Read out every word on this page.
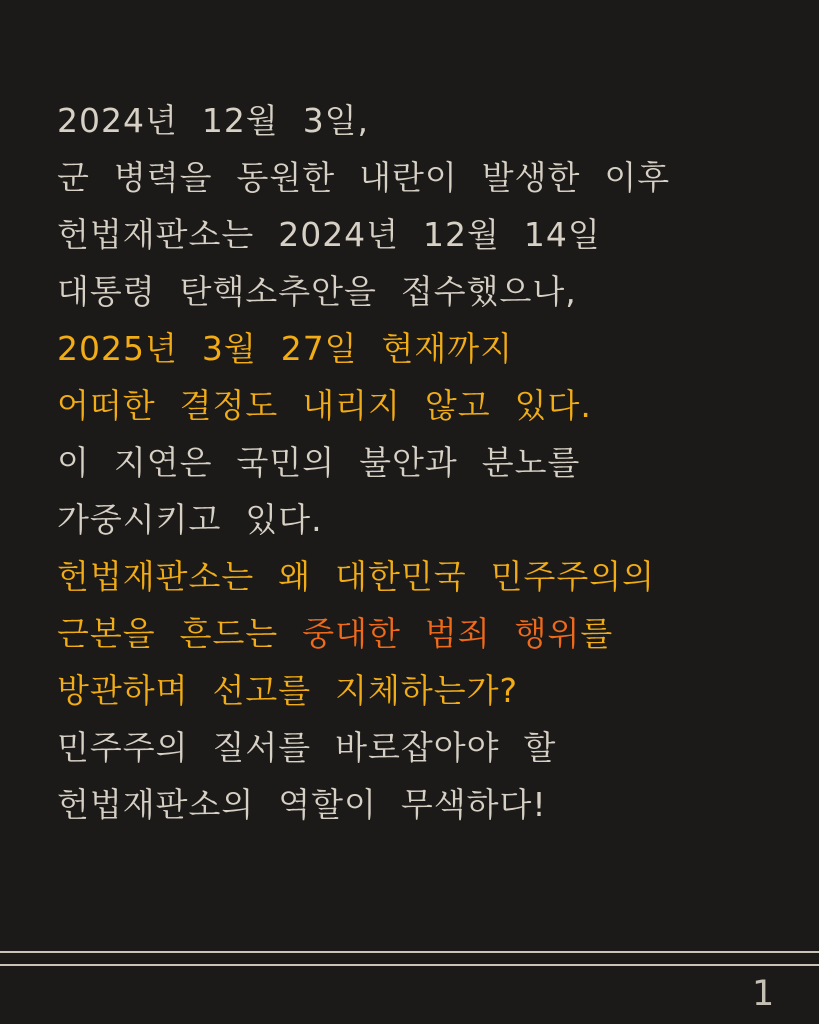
2024년 12월 3일,
군 병력을 동원한 내란이 발생한 이후
헌법재판소는 2024년 12월 14일
대통령 탄핵소추안을 접수했으나,
2025년 3월 27일 현재까지
어떠한 결정도 내리지 않고 있다.
이 지연은 국민의 불안과 분노를
가중시키고 있다.
헌법재판소는 왜 대한민국 민주주의의
근본을 흔드는 중대한 범죄 행위를
방관하며 선고를 지체하는가?
민주주의 질서를 바로잡아야 할
헌법재판소의 역할이 무색하다!
1
